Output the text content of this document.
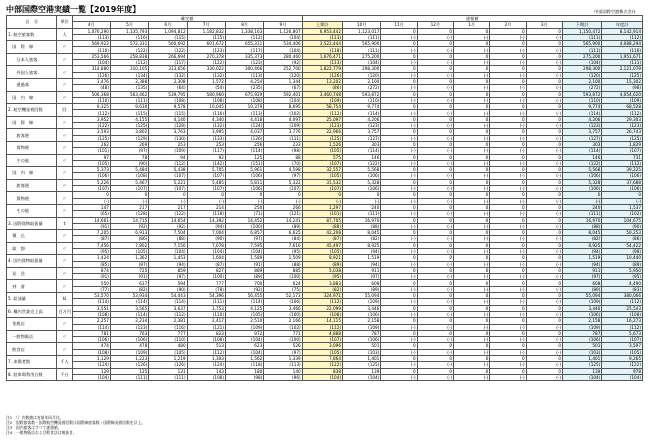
中部国際空港実績一覧【2019年度】	中部国際空港株式会社
区　分	単位	確定値						速報値								
		4月	5月	6月	7月	8月	9月	上期計	10月	11月	12月	1月	2月	3月	下期計	年度計
1. 航空旅客数	人	1,076,290	1,135,793	1,094,812	1,182,832	1,338,163	1,126,807	6,953,442	1,123,017	0	0	0	0	0	1,150,472	8,142,914
		(113)	(116)	(115)	(115)	(112)	(104)	(113)	(111)	(-)	(-)	(-)	(-)	(-)	(111)	(112)
　国　際　線	〃	569,922	572,331	560,692	601,672	655,311	534,406	3,522,444	565,900	0	0	0	0	0	565,900	4,088,294
		(116)	(122)	(122)	(123)	(117)	(104)	(118)	(111)	(-)	(-)	(-)	(-)	(-)	(111)	(116)
　　日本人旅客	〃	253,566	258,838	266,694	270,378	335,373	280,460	1,676,471	275,200	0	0	0	0	0	275,200	1,951,671
		(104)	(112)	(117)	(122)	(123)	(92)	(113)	(104)	(-)	(-)	(-)	(-)	(-)	(104)	(111)
　　外国人旅客	〃	314,880	310,105	313,656	330,022	300,466	252,700	1,822,779	298,300	0	0	0	0	0	298,300	2,121,079
		(126)	(134)	(132)	(132)	(113)	(120)	(126)	(120)	(-)	(-)	(-)	(-)	(-)	(120)	(125)
　　通過客	〃	1,476	2,388	2,308	1,572	4,254	1,344	13,202	2,100	0	0	0	0	0	2,100	15,302
		(48)	(135)	(64)	(54)	(235)	(67)	(86)	(272)	(-)	(-)	(-)	(-)	(-)	(272)	(98)
　国　内　線	〃	506,368	563,462	539,795	580,960	675,929	592,401	3,460,748	593,872	0	0	0	0	0	593,872	4,054,620
		(110)	(111)	(108)	(108)	(108)	(104)	(109)	(110)	(-)	(-)	(-)	(-)	(-)	(110)	(109)
2. 航空機発着回数	回	9,325	9,630	9,578	10,045	10,379	8,695	58,754	9,774	0	0	0	0	0	9,774	68,528
		(112)	(115)	(115)	(116)	(113)	(102)	(112)	(114)	(-)	(-)	(-)	(-)	(-)	(114)	(112)
　国　際　線	〃	3,952	4,155	4,140	4,340	4,418	4,097	25,097	4,206	0	0	0	0	0	4,206	29,303
		(122)	(125)	(128)	(132)	(124)	(109)	(123)	(123)	(-)	(-)	(-)	(-)	(-)	(123)	(123)
　　旅客便	〃	3,593	3,802	3,763	3,995	4,037	3,776	22,966	3,757	0	0	0	0	0	3,757	26,743
		(125)	(129)	(130)	(133)	(126)	(111)	(125)	(127)	(-)	(-)	(-)	(-)	(-)	(127)	(125)
　　貨物便	〃	262	269	253	253	256	233	1,526	303	0	0	0	0	0	303	1,829
		(101)	(97)	(109)	(117)	(114)	(98)	(105)	(114)	(-)	(-)	(-)	(-)	(-)	(114)	(107)
　　その他	〃	97	78	94	92	125	88	575	146	0	0	0	0	0	146	731
		(105)	(90)	(112)	(142)	(151)	(70)	(107)	(122)	(-)	(-)	(-)	(-)	(-)	(122)	(112)
　国　内　線	〃	5,373	5,484	5,438	5,705	5,961	4,598	32,557	5,568	0	0	0	0	0	5,568	39,225
		(106)	(108)	(107)	(107)	(106)	(97)	(105)	(106)	(-)	(-)	(-)	(-)	(-)	(106)	(106)
　　旅客便	〃	5,226	5,467	5,221	5,485	5,811	5,322	31,532	5,328	0	0	0	0	0	5,328	37,688
		(107)	(107)	(107)	(107)	(106)	(107)	(107)	(106)	(-)	(-)	(-)	(-)	(-)	(106)	(106)
　　貨物便	〃	0	0	0	0	0	0	0	0	0	0	0	0	0	0	0
		(-)	(-)	(-)	(-)	(-)	(-)	(-)	(-)	(-)	(-)	(-)	(-)	(-)	(-)	(-)
　　その他	〃	147	217	217	214	250	266	1,297	240	0	0	0	0	0	240	1,537
		(65)	(128)	(122)	(118)	(71)	(121)	(101)	(111)	(-)	(-)	(-)	(-)	(-)	(111)	(102)
3. 国際貨物取扱量	t	14,661	14,715	14,654	14,392	14,452	14,241	87,705	16,970	0	0	0	0	0	16,970	104,675
		(91)	(92)	(92)	(94)	(100)	(89)	(88)	(88)	(-)	(-)	(-)	(-)	(-)	(88)	(90)
　積　込	〃	7,205	6,913	7,504	7,004	6,857	6,625	42,208	8,045	0	0	0	0	0	8,045	50,253
		(87)	(86)	(88)	(90)	(97)	(84)	(87)	(82)	(-)	(-)	(-)	(-)	(-)	(82)	(86)
　取　卸	〃	7,456	7,802	7,150	7,678	7,595	7,616	45,497	8,925	0	0	0	0	0	8,925	54,422
		(95)	(105)	(104)	(104)	(104)	(95)	(105)	(94)	(-)	(-)	(-)	(-)	(-)	(94)	(98)
4. 国内貨物取扱量	〃	1,424	1,362	1,453	1,604	1,589	1,509	8,921	1,519	0	0	0	0	0	1,519	10,440
		(85)	(87)	(94)	(87)	(91)	(88)	(89)	(94)	(-)	(-)	(-)	(-)	(-)	(94)	(89)
　発　送	〃	874	725	859	827	889	885	5,038	911	0	0	0	0	0	911	5,950
		(91)	(91)	(97)	(100)	(89)	(100)	(95)	(97)	(-)	(-)	(-)	(-)	(-)	(97)	(95)
　到　着	〃	550	637	594	777	700	624	3,883	608	0	0	0	0	0	608	4,490
		(77)	(82)	(90)	(78)	(92)	(75)	(82)	(89)	(-)	(-)	(-)	(-)	(-)	(89)	(83)
5. 給油量	kl	53,570	53,934	54,443	54,396	56,455	52,173	324,971	55,094	0	0	0	0	0	55,094	380,066
		(114)	(114)	(114)	(111)	(114)	(106)	(112)	(109)	(-)	(-)	(-)	(-)	(-)	(109)	(112)
6. 構内営業売上高	百万円	3,551	3,565	3,637	3,753	4,125	3,466	22,099	3,446	0	0	0	0	0	3,446	25,543
		(108)	(114)	(112)	(110)	(105)	(100)	(108)	(106)	(-)	(-)	(-)	(-)	(-)	(106)	(108)
　免税店	〃	2,257	2,234	2,381	2,417	2,510	2,166	14,115	2,158	0	0	0	0	0	2,158	16,273
		(114)	(123)	(116)	(121)	(109)	(102)	(112)	(109)	(-)	(-)	(-)	(-)	(-)	(109)	(112)
　一般物販店	〃	781	763	777	823	972	771	4,888	787	0	0	0	0	0	787	5,673
		(106)	(106)	(110)	(108)	(104)	(100)	(107)	(106)	(-)	(-)	(-)	(-)	(-)	(106)	(107)
　飲食店	〃	474	478	480	513	623	526	3,096	501	0	0	0	0	0	501	3,597
		(108)	(109)	(105)	(112)	(104)	(97)	(105)	(103)	(-)	(-)	(-)	(-)	(-)	(103)	(105)
7. 来場者数	千人	1,129	1,223	1,219	1,303	1,562	1,339	7,864	1,401	0	0	0	0	0	1,401	9,265
		(124)	(126)	(126)	(124)	(118)	(113)	(122)	(125)	(-)	(-)	(-)	(-)	(-)	(125)	(122)
8. 駐車場利用台数	千台	129	125	131	143	180	140	838	139	0	0	0	0	0	139	978
		(104)	(111)	(111)	(108)	(98)	(96)	(104)	(104)	(-)	(-)	(-)	(-)	(-)	(104)	(104)
注1　（）内数値は対前年同月比。
注2　国際旅客数・国際航空機発着回数は国際線旅客数・国際線発着回数を計上。
注3　国内旅客はすべて速報値。
注4　一般物販店および飲食店は税抜き。
